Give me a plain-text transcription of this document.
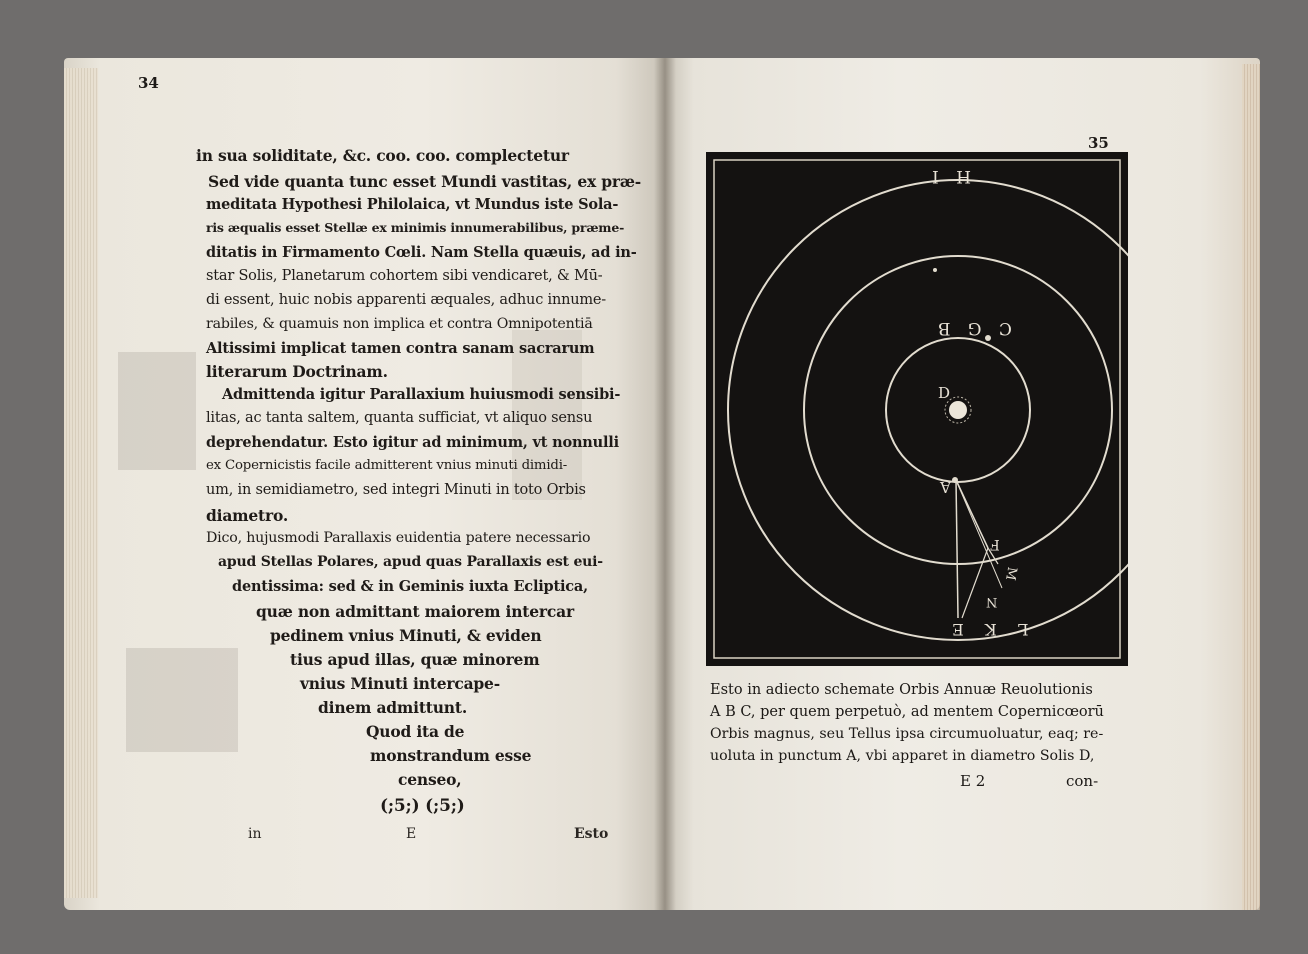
34
in sua soliditate, &c. coo. coo. complectetur
Sed vide quanta tunc esset Mundi vastitas, ex præ-
meditata Hypothesi Philolaica, vt Mundus iste Sola-
ris æqualis esset Stellæ ex minimis innumerabilibus, præme-
ditatis in Firmamento Cœli. Nam Stella quæuis, ad in-
star Solis, Planetarum cohortem sibi vendicaret, & Mū-
di essent, huic nobis apparenti æquales, adhuc innume-
rabiles, & quamuis non implica et contra Omnipotentiā
Altissimi implicat tamen contra sanam sacrarum
literarum Doctrinam.
Admittenda igitur Parallaxium huiusmodi sensibi-
litas, ac tanta saltem, quanta sufficiat, vt aliquo sensu
deprehendatur. Esto igitur ad minimum, vt nonnulli
ex Copernicistis facile admitterent vnius minuti dimidi-
um, in semidiametro, sed integri Minuti in toto Orbis
diametro.
Dico, hujusmodi Parallaxis euidentia patere necessario
apud Stellas Polares, apud quas Parallaxis est eui-
dentissima: sed & in Geminis iuxta Ecliptica,
quæ non admittant maiorem intercar
pedinem vnius Minuti, & eviden
tius apud illas, quæ minorem
vnius Minuti intercape-
dinem admittunt.
Quod ita de
monstrandum esse
censeo,
(;5;) (;5;)
in	E	Esto
35
H I
C G B
D
A
F
M
N
L K E
Esto in adiecto schemate Orbis Annuæ Reuolutionis
A B C, per quem perpetuò, ad mentem Copernicœorū
Orbis magnus, seu Tellus ipsa circumuoluatur, eaq; re-
uoluta in punctum A, vbi apparet in diametro Solis D,
E 2	con-
